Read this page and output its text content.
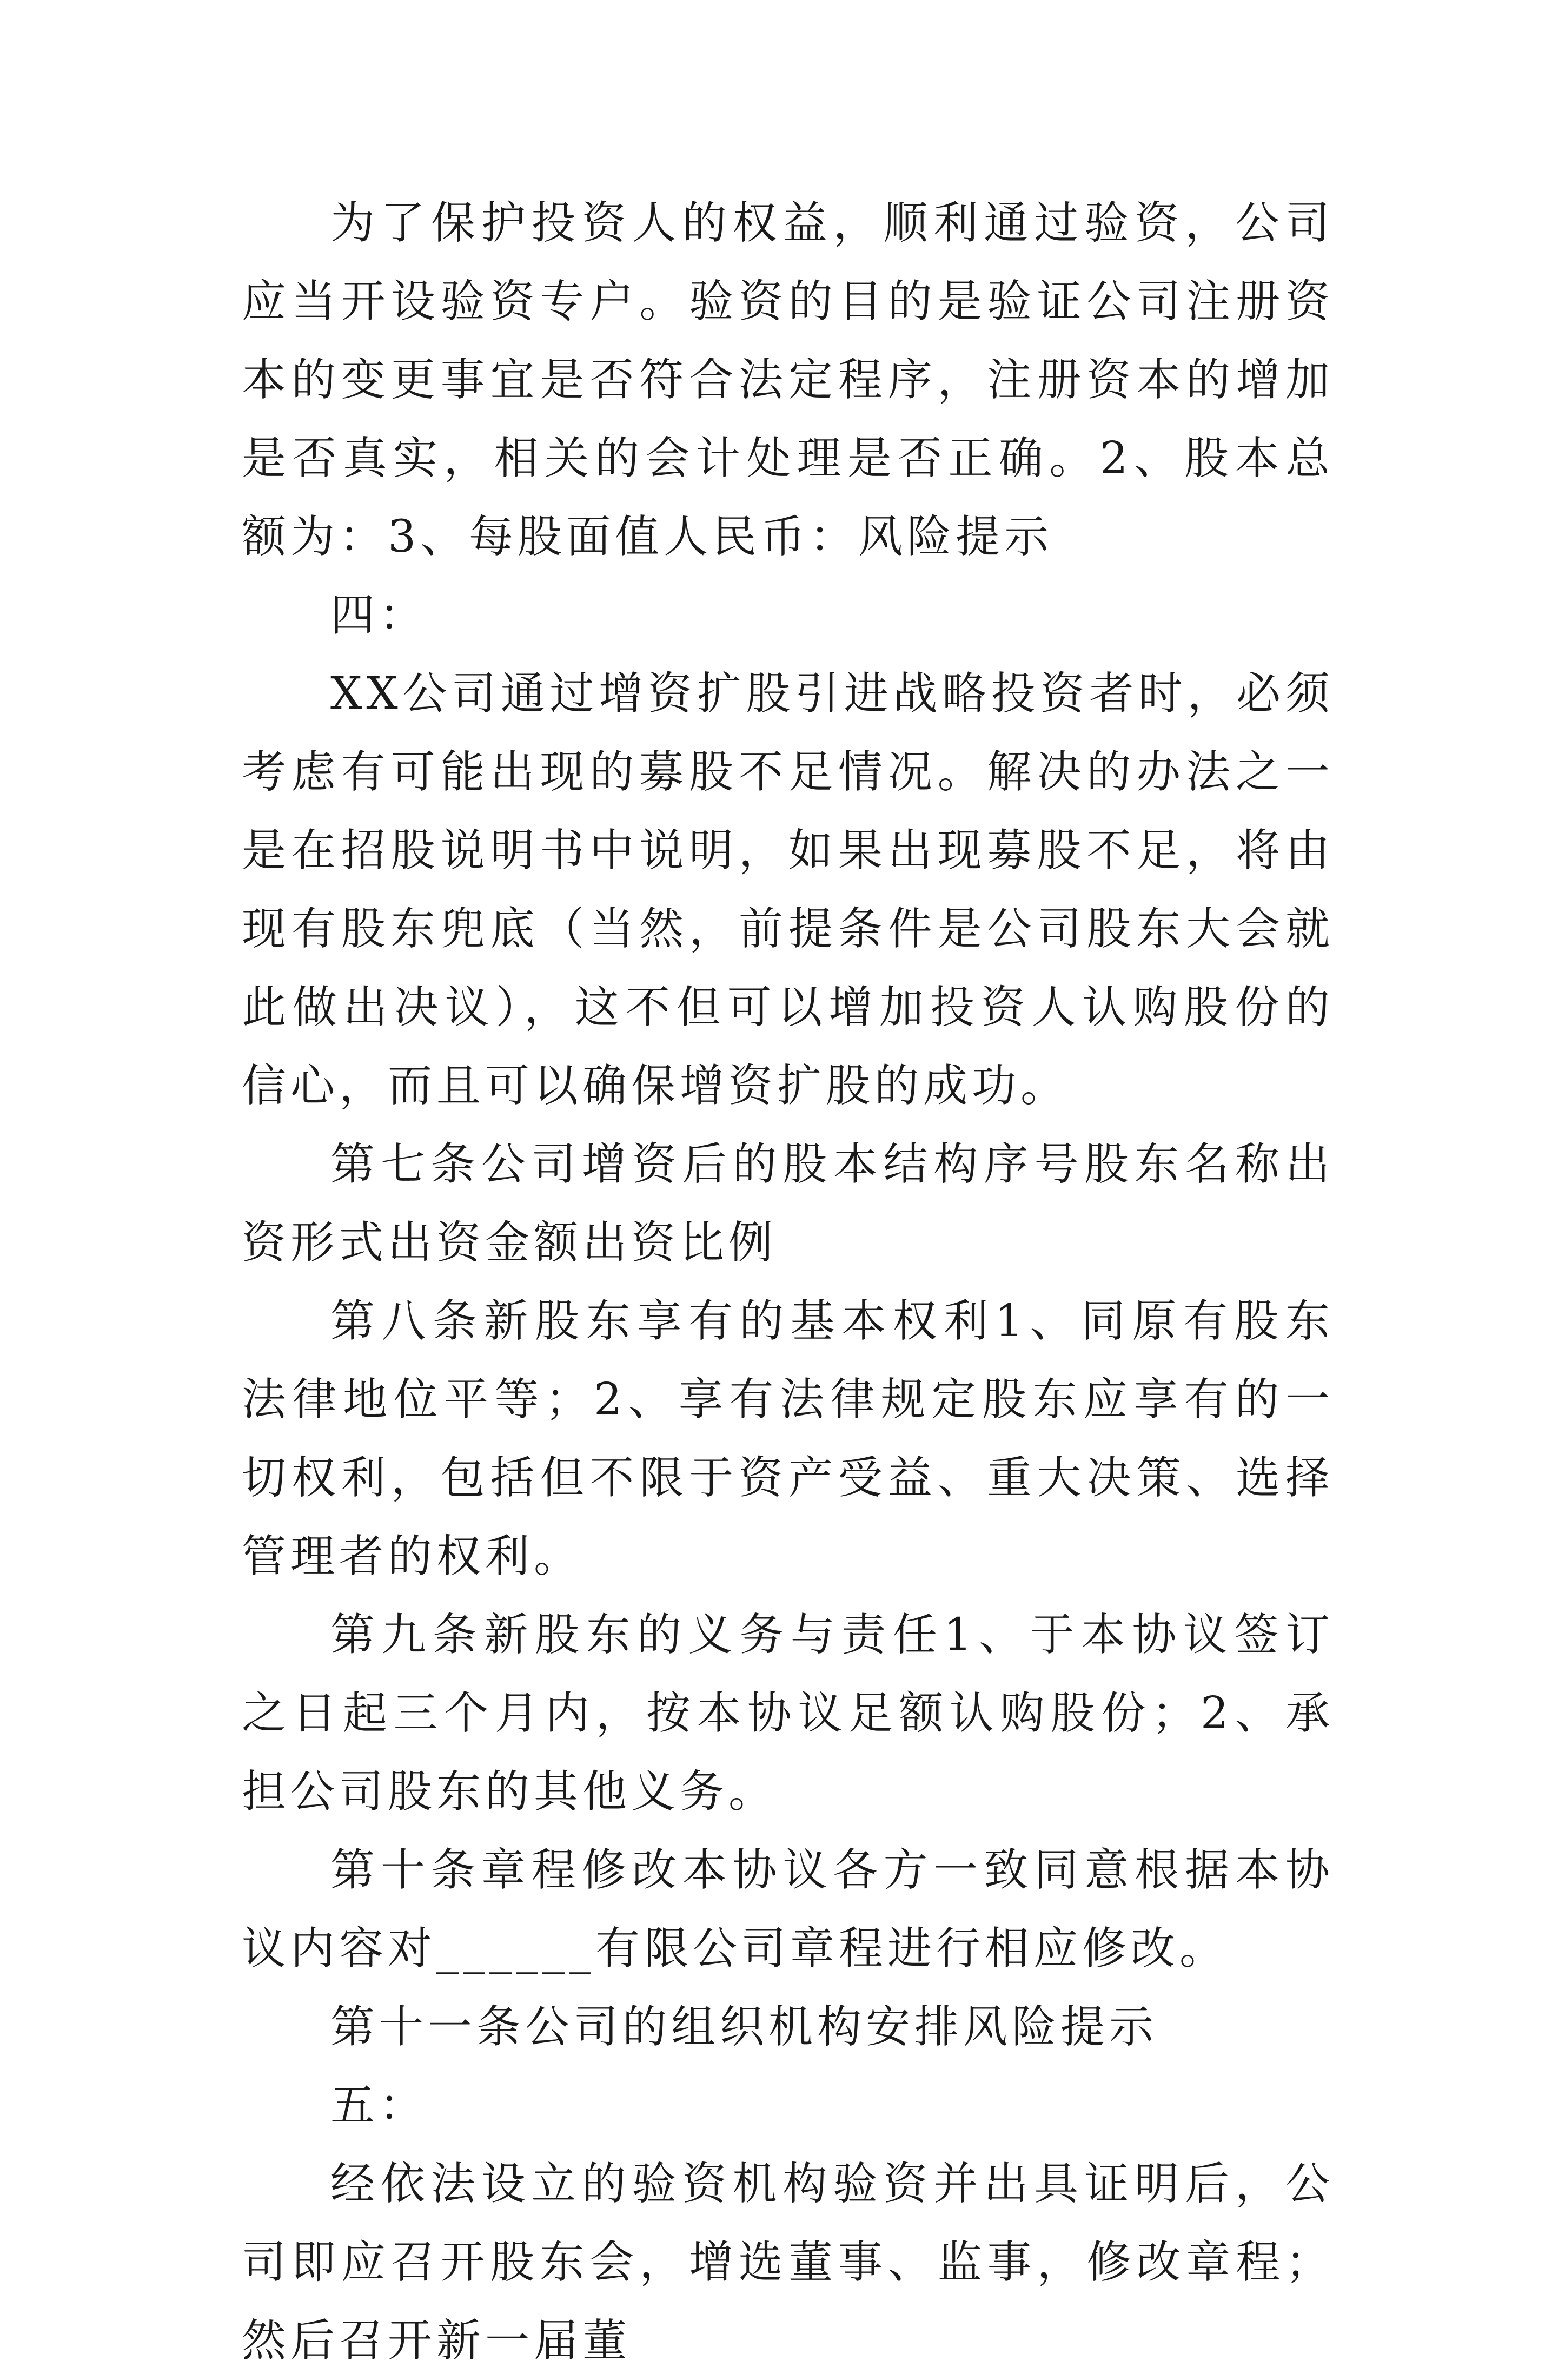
为了保护投资人的权益，顺利通过验资，公司应当开设验资专户。验资的目的是验证公司注册资本的变更事宜是否符合法定程序，注册资本的增加是否真实，相关的会计处理是否正确。2、股本总额为：3、每股面值人民币：风险提示

四：

XX公司通过增资扩股引进战略投资者时，必须考虑有可能出现的募股不足情况。解决的办法之一是在招股说明书中说明，如果出现募股不足，将由现有股东兜底（当然，前提条件是公司股东大会就此做出决议），这不但可以增加投资人认购股份的信心，而且可以确保增资扩股的成功。

第七条公司增资后的股本结构序号股东名称出资形式出资金额出资比例

第八条新股东享有的基本权利1、同原有股东法律地位平等；2、享有法律规定股东应享有的一切权利，包括但不限于资产受益、重大决策、选择管理者的权利。

第九条新股东的义务与责任1、于本协议签订之日起三个月内，按本协议足额认购股份；2、承担公司股东的其他义务。

第十条章程修改本协议各方一致同意根据本协议内容对______有限公司章程进行相应修改。

第十一条公司的组织机构安排风险提示

五：

经依法设立的验资机构验资并出具证明后，公司即应召开股东会，增选董事、监事，修改章程；然后召开新一届董
